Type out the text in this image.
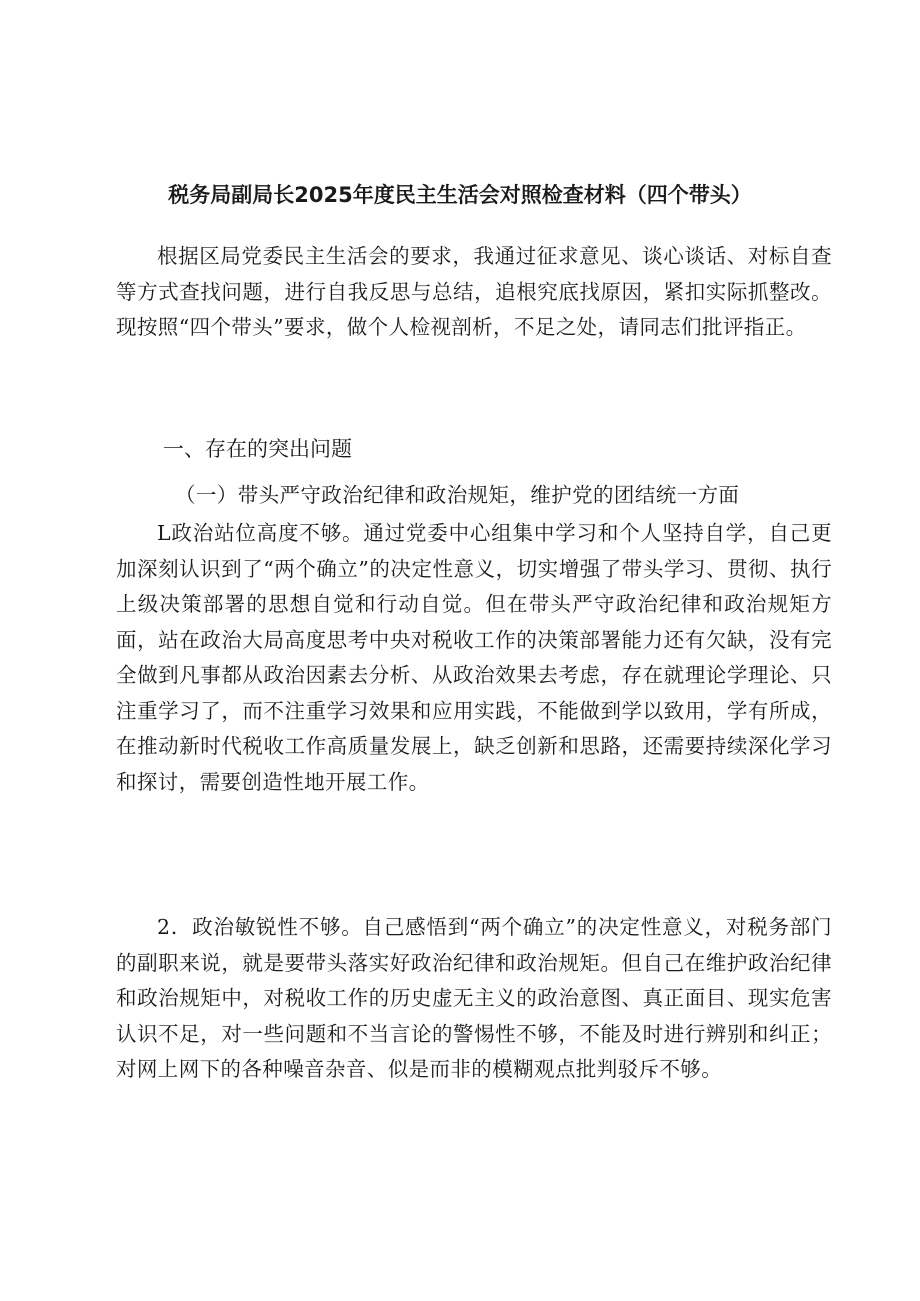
税务局副局长2025年度民主生活会对照检查材料（四个带头）

根据区局党委民主生活会的要求，我通过征求意见、谈心谈话、对标自查等方式查找问题，进行自我反思与总结，追根究底找原因，紧扣实际抓整改。现按照“四个带头”要求，做个人检视剖析，不足之处，请同志们批评指正。

一、存在的突出问题

（一）带头严守政治纪律和政治规矩，维护党的团结统一方面

L政治站位高度不够。通过党委中心组集中学习和个人坚持自学，自己更加深刻认识到了“两个确立”的决定性意义，切实增强了带头学习、贯彻、执行上级决策部署的思想自觉和行动自觉。但在带头严守政治纪律和政治规矩方面，站在政治大局高度思考中央对税收工作的决策部署能力还有欠缺，没有完全做到凡事都从政治因素去分析、从政治效果去考虑，存在就理论学理论、只注重学习了，而不注重学习效果和应用实践，不能做到学以致用，学有所成，在推动新时代税收工作高质量发展上，缺乏创新和思路，还需要持续深化学习和探讨，需要创造性地开展工作。

2．政治敏锐性不够。自己感悟到“两个确立”的决定性意义，对税务部门的副职来说，就是要带头落实好政治纪律和政治规矩。但自己在维护政治纪律和政治规矩中，对税收工作的历史虚无主义的政治意图、真正面目、现实危害认识不足，对一些问题和不当言论的警惕性不够，不能及时进行辨别和纠正；对网上网下的各种噪音杂音、似是而非的模糊观点批判驳斥不够。
